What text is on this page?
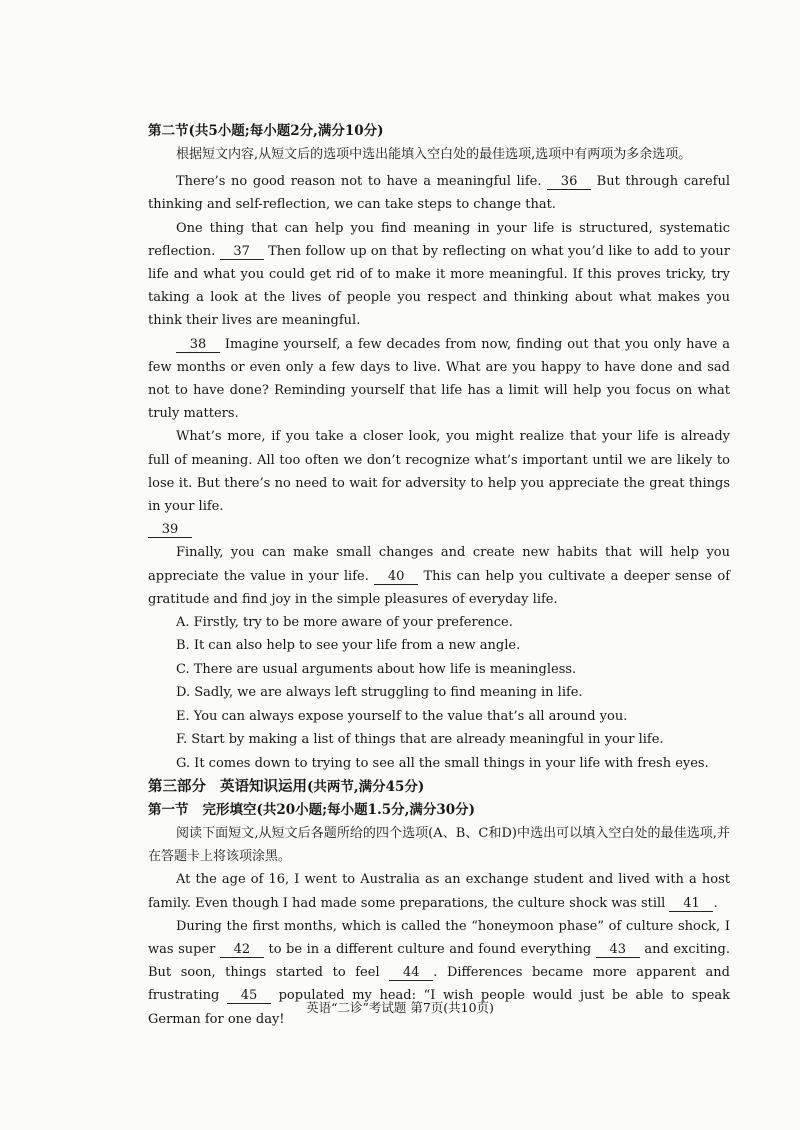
第二节(共5小题;每小题2分,满分10分)

根据短文内容,从短文后的选项中选出能填入空白处的最佳选项,选项中有两项为多余选项。

There’s no good reason not to have a meaningful life. 36 But through careful thinking and self-reflection, we can take steps to change that.

One thing that can help you find meaning in your life is structured, systematic reflection. 37 Then follow up on that by reflecting on what you’d like to add to your life and what you could get rid of to make it more meaningful. If this proves tricky, try taking a look at the lives of people you respect and thinking about what makes you think their lives are meaningful.

38 Imagine yourself, a few decades from now, finding out that you only have a few months or even only a few days to live. What are you happy to have done and sad not to have done? Reminding yourself that life has a limit will help you focus on what truly matters.

What’s more, if you take a closer look, you might realize that your life is already full of meaning. All too often we don’t recognize what’s important until we are likely to lose it. But there’s no need to wait for adversity to help you appreciate the great things in your life.

39

Finally, you can make small changes and create new habits that will help you appreciate the value in your life. 40 This can help you cultivate a deeper sense of gratitude and find joy in the simple pleasures of everyday life.

A. Firstly, try to be more aware of your preference.

B. It can also help to see your life from a new angle.

C. There are usual arguments about how life is meaningless.

D. Sadly, we are always left struggling to find meaning in life.

E. You can always expose yourself to the value that’s all around you.

F. Start by making a list of things that are already meaningful in your life.

G. It comes down to trying to see all the small things in your life with fresh eyes.

第三部分 英语知识运用(共两节,满分45分)

第一节 完形填空(共20小题;每小题1.5分,满分30分)

阅读下面短文,从短文后各题所给的四个选项(A、B、C和D)中选出可以填入空白处的最佳选项,并在答题卡上将该项涂黑。

At the age of 16, I went to Australia as an exchange student and lived with a host family. Even though I had made some preparations, the culture shock was still 41 .

During the first months, which is called the “honeymoon phase” of culture shock, I was super 42 to be in a different culture and found everything 43 and exciting. But soon, things started to feel 44 . Differences became more apparent and frustrating 45 populated my head: “I wish people would just be able to speak German for one day!

英语“二诊”考试题 第7页(共10页)
